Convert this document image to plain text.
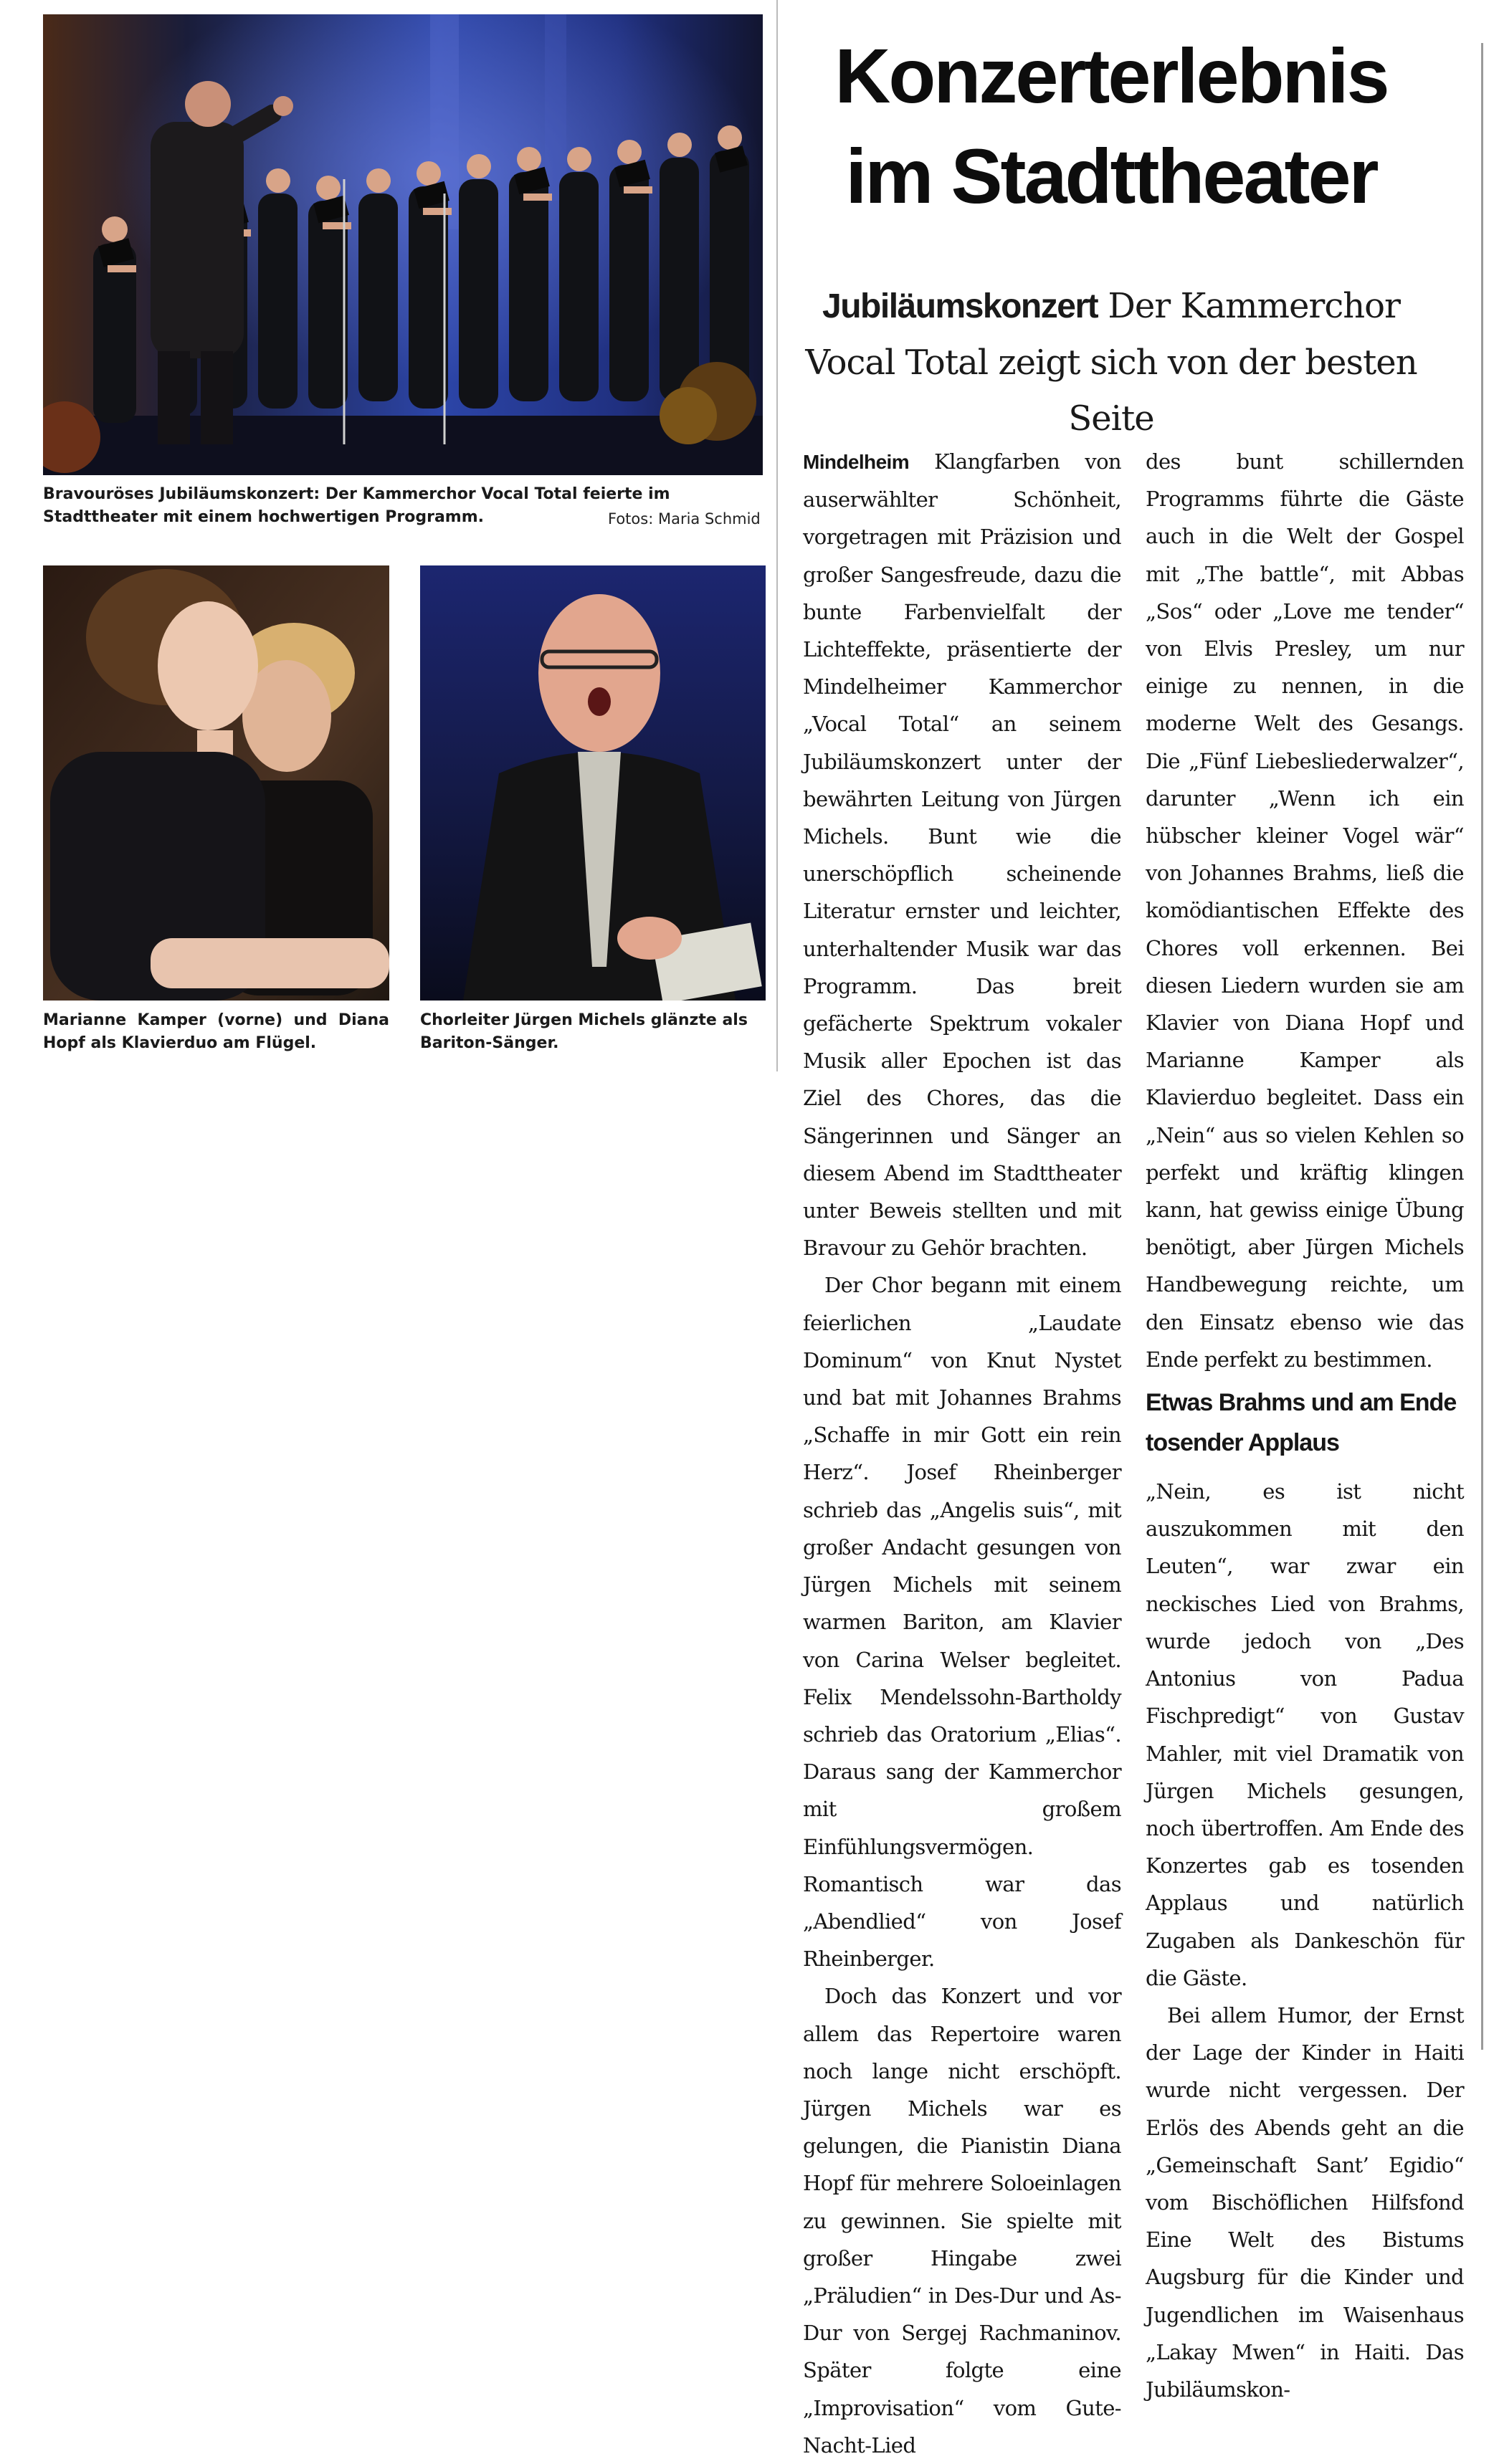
Bravouröses Jubiläumskonzert: Der Kammerchor Vocal Total feierte im Stadttheater mit einem hochwertigen Programm.	Fotos: Maria Schmid
Marianne Kamper (vorne) und Diana Hopf als Klavierduo am Flügel.
Chorleiter Jürgen Michels glänzte als Bariton-Sänger.
Konzerterlebnis im Stadttheater
Jubiläumskonzert Der Kammerchor Vocal Total zeigt sich von der besten Seite

Mindelheim Klangfarben von auserwählter Schönheit, vorgetragen mit Präzision und großer Sangesfreude, dazu die bunte Farbenvielfalt der Lichteffekte, präsentierte der Mindelheimer Kammerchor „Vocal Total“ an seinem Jubiläumskonzert unter der bewährten Leitung von Jürgen Michels. Bunt wie die unerschöpflich scheinende Literatur ernster und leichter, unterhaltender Musik war das Programm. Das breit gefächerte Spektrum vokaler Musik aller Epochen ist das Ziel des Chores, das die Sängerinnen und Sänger an diesem Abend im Stadttheater unter Beweis stellten und mit Bravour zu Gehör brachten.

Der Chor begann mit einem feierlichen „Laudate Dominum“ von Knut Nystet und bat mit Johannes Brahms „Schaffe in mir Gott ein rein Herz“. Josef Rheinberger schrieb das „Angelis suis“, mit großer Andacht gesungen von Jürgen Michels mit seinem warmen Bariton, am Klavier von Carina Welser begleitet. Felix Mendelssohn-Bartholdy schrieb das Oratorium „Elias“. Daraus sang der Kammerchor mit großem Einfühlungsvermögen. Romantisch war das „Abendlied“ von Josef Rheinberger.

Doch das Konzert und vor allem das Repertoire waren noch lange nicht erschöpft. Jürgen Michels war es gelungen, die Pianistin Diana Hopf für mehrere Soloeinlagen zu gewinnen. Sie spielte mit großer Hingabe zwei „Präludien“ in Des-Dur und As-Dur von Sergej Rachmaninov. Später folgte eine „Improvisation“ vom Gute-Nacht-Lied

des bunt schillernden Programms führte die Gäste auch in die Welt der Gospel mit „The battle“, mit Abbas „Sos“ oder „Love me tender“ von Elvis Presley, um nur einige zu nennen, in die moderne Welt des Gesangs. Die „Fünf Liebesliederwalzer“, darunter „Wenn ich ein hübscher kleiner Vogel wär“ von Johannes Brahms, ließ die komödiantischen Effekte des Chores voll erkennen. Bei diesen Liedern wurden sie am Klavier von Diana Hopf und Marianne Kamper als Klavierduo begleitet. Dass ein „Nein“ aus so vielen Kehlen so perfekt und kräftig klingen kann, hat gewiss einige Übung benötigt, aber Jürgen Michels Handbewegung reichte, um den Einsatz ebenso wie das Ende perfekt zu bestimmen.

Etwas Brahms und am Ende tosender Applaus

„Nein, es ist nicht auszukommen mit den Leuten“, war zwar ein neckisches Lied von Brahms, wurde jedoch von „Des Antonius von Padua Fischpredigt“ von Gustav Mahler, mit viel Dramatik von Jürgen Michels gesungen, noch übertroffen. Am Ende des Konzertes gab es tosenden Applaus und natürlich Zugaben als Dankeschön für die Gäste.

Bei allem Humor, der Ernst der Lage der Kinder in Haiti wurde nicht vergessen. Der Erlös des Abends geht an die „Gemeinschaft Sant’ Egidio“ vom Bischöflichen Hilfsfond Eine Welt des Bistums Augsburg für die Kinder und Jugendlichen im Waisenhaus „Lakay Mwen“ in Haiti. Das Jubiläumskon-
